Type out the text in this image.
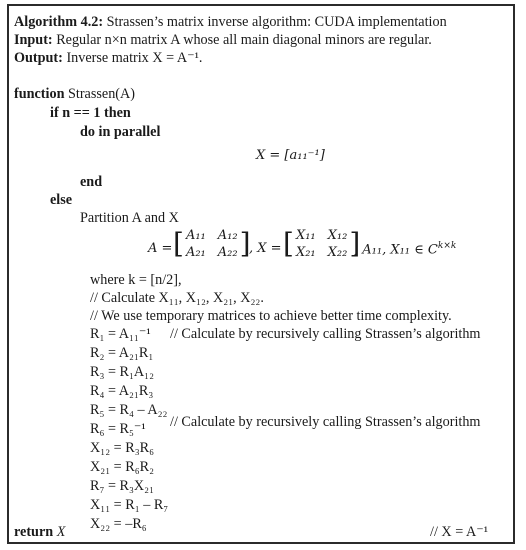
Algorithm 4.2: Strassen’s matrix inverse algorithm: CUDA implementation
Input: Regular n×n matrix A whose all main diagonal minors are regular.
Output: Inverse matrix X = A⁻¹.
function Strassen(A)
if n == 1 then
do in parallel
X = [a₁₁⁻¹]
end
else
Partition A and X
A = [ A₁₁ A₁₂
A₂₁ A₂₂ ]
, X = [ X₁₁ X₁₂
X₂₁ X₂₂ ]
, A₁₁, X₁₁ ∈ $C^{k\times k}$
where k = [n/2],
// Calculate X₁₁, X₁₂, X₂₁, X₂₂.
// We use temporary matrices to achieve better time complexity.
R₁ = A₁₁⁻¹ // Calculate by recursively calling Strassen’s algorithm
R₂ = A₂₁R₁
R₃ = R₁A₁₂
R₄ = A₂₁R₃
R₅ = R₄ – A₂₂
R₆ = R₅⁻¹ // Calculate by recursively calling Strassen’s algorithm
X₁₂ = R₃R₆
X₂₁ = R₆R₂
R₇ = R₃X₂₁
X₁₁ = R₁ – R₇
X₂₂ = –R₆
return X	// X = A⁻¹
